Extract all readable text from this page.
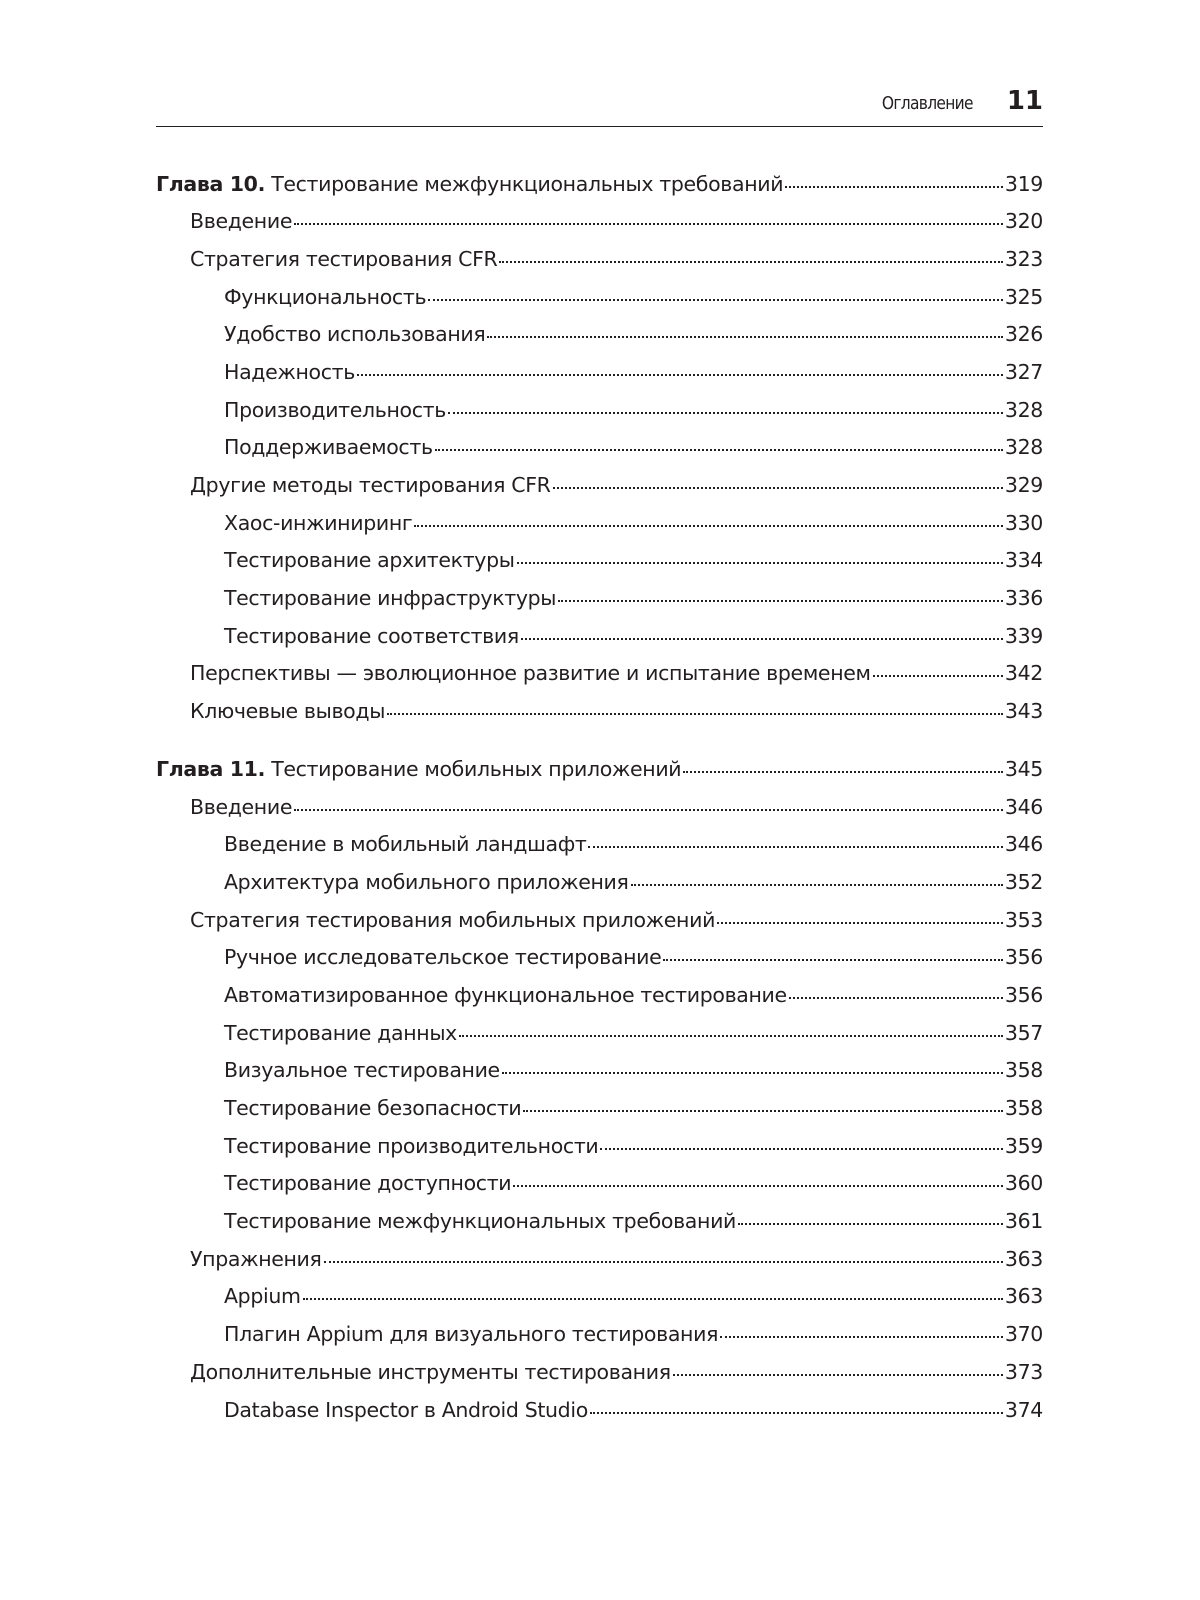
Оглавление 11
Глава 10. Тестирование межфункциональных требований	319
Введение	320
Стратегия тестирования CFR	323
Функциональность	325
Удобство использования	326
Надежность	327
Производительность	328
Поддерживаемость	328
Другие методы тестирования CFR	329
Хаос-инжиниринг	330
Тестирование архитектуры	334
Тестирование инфраструктуры	336
Тестирование соответствия	339
Перспективы — эволюционное развитие и испытание временем	342
Ключевые выводы	343
Глава 11. Тестирование мобильных приложений	345
Введение	346
Введение в мобильный ландшафт	346
Архитектура мобильного приложения	352
Стратегия тестирования мобильных приложений	353
Ручное исследовательское тестирование	356
Автоматизированное функциональное тестирование	356
Тестирование данных	357
Визуальное тестирование	358
Тестирование безопасности	358
Тестирование производительности	359
Тестирование доступности	360
Тестирование межфункциональных требований	361
Упражнения	363
Appium	363
Плагин Appium для визуального тестирования	370
Дополнительные инструменты тестирования	373
Database Inspector в Android Studio	374
